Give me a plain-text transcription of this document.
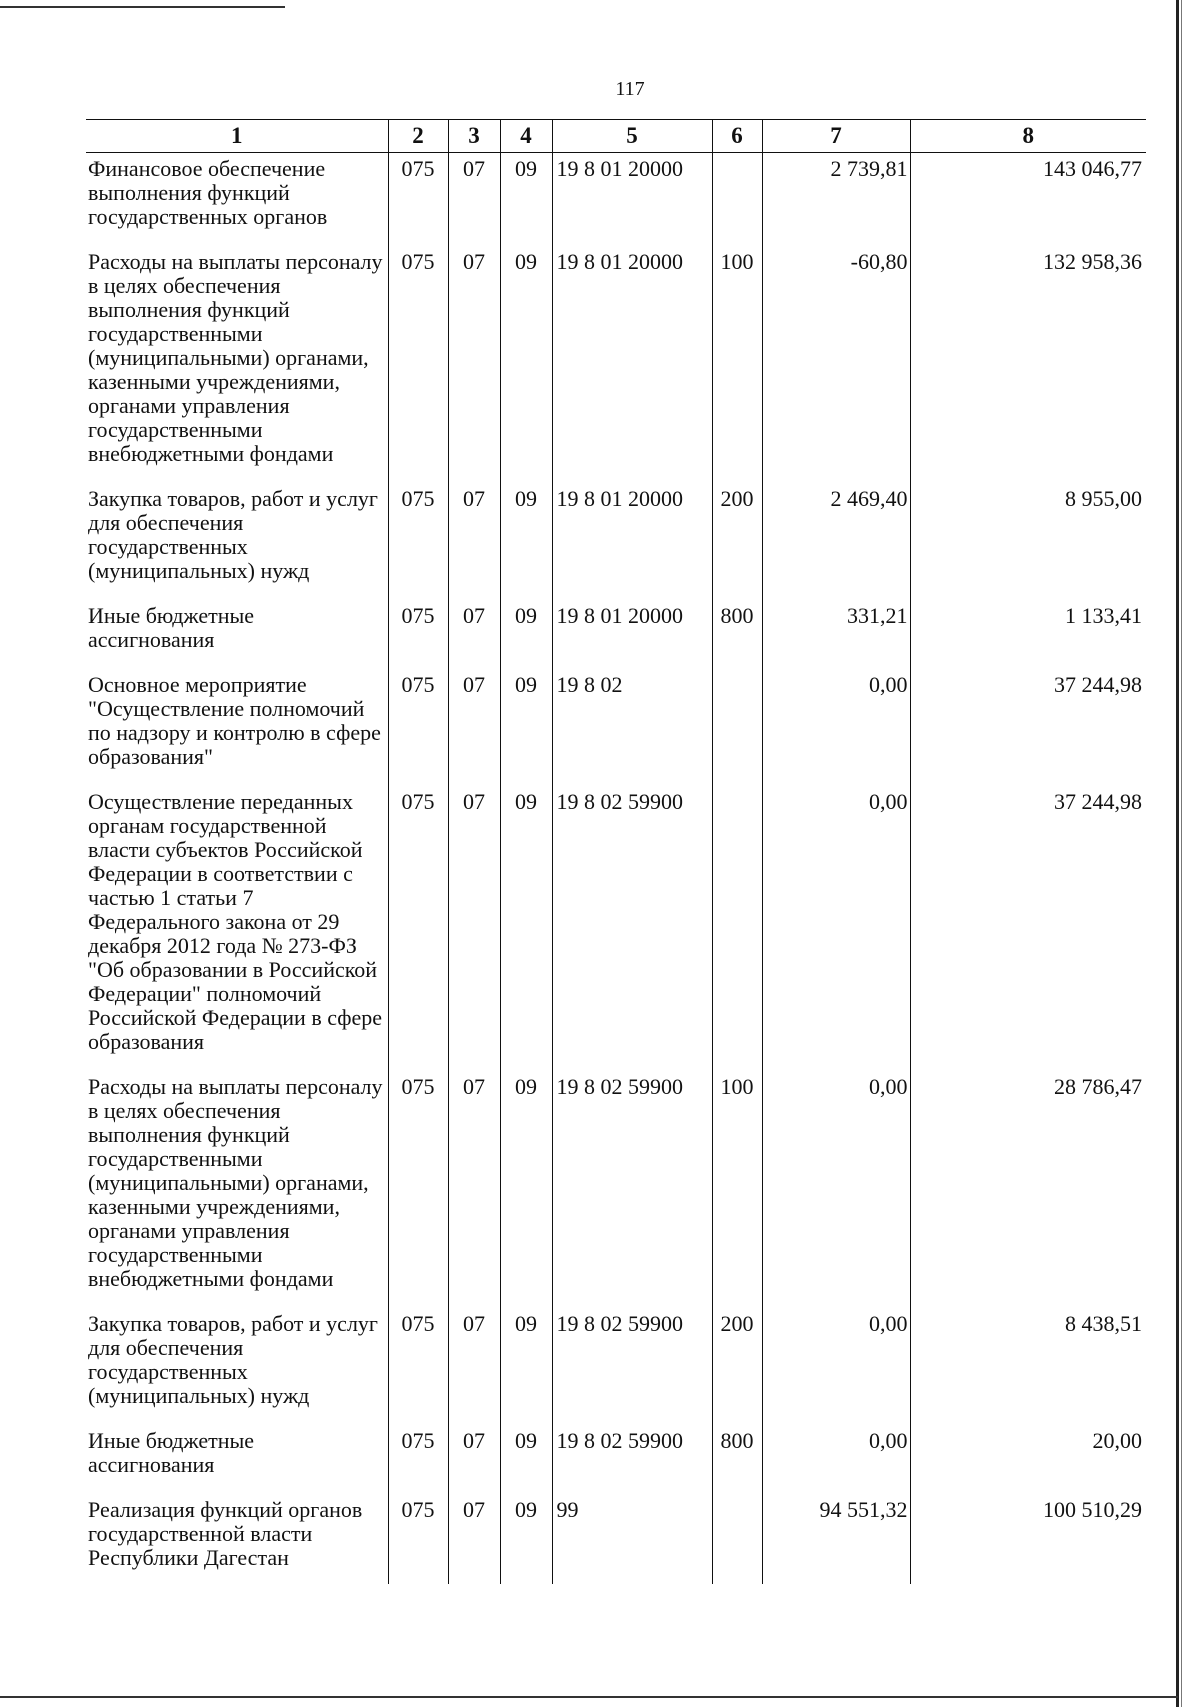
117
1	2	3	4	5	6	7	8
Финансовое обеспечение выполнения функций государственных органов	075	07	09	19 8 01 20000		2 739,81	143 046,77
Расходы на выплаты персоналу в целях обеспечения выполнения функций государственными (муниципальными) органами, казенными учреждениями, органами управления государственными внебюджетными фондами	075	07	09	19 8 01 20000	100	-60,80	132 958,36
Закупка товаров, работ и услуг для обеспечения государственных (муниципальных) нужд	075	07	09	19 8 01 20000	200	2 469,40	8 955,00
Иные бюджетные ассигнования	075	07	09	19 8 01 20000	800	331,21	1 133,41
Основное мероприятие "Осуществление полномочий по надзору и контролю в сфере образования"	075	07	09	19 8 02		0,00	37 244,98
Осуществление переданных органам государственной власти субъектов Российской Федерации в соответствии с частью 1 статьи 7 Федерального закона от 29 декабря 2012 года № 273-ФЗ "Об образовании в Российской Федерации" полномочий Российской Федерации в сфере образования	075	07	09	19 8 02 59900		0,00	37 244,98
Расходы на выплаты персоналу в целях обеспечения выполнения функций государственными (муниципальными) органами, казенными учреждениями, органами управления государственными внебюджетными фондами	075	07	09	19 8 02 59900	100	0,00	28 786,47
Закупка товаров, работ и услуг для обеспечения государственных (муниципальных) нужд	075	07	09	19 8 02 59900	200	0,00	8 438,51
Иные бюджетные ассигнования	075	07	09	19 8 02 59900	800	0,00	20,00
Реализация функций органов государственной власти Республики Дагестан	075	07	09	99		94 551,32	100 510,29
